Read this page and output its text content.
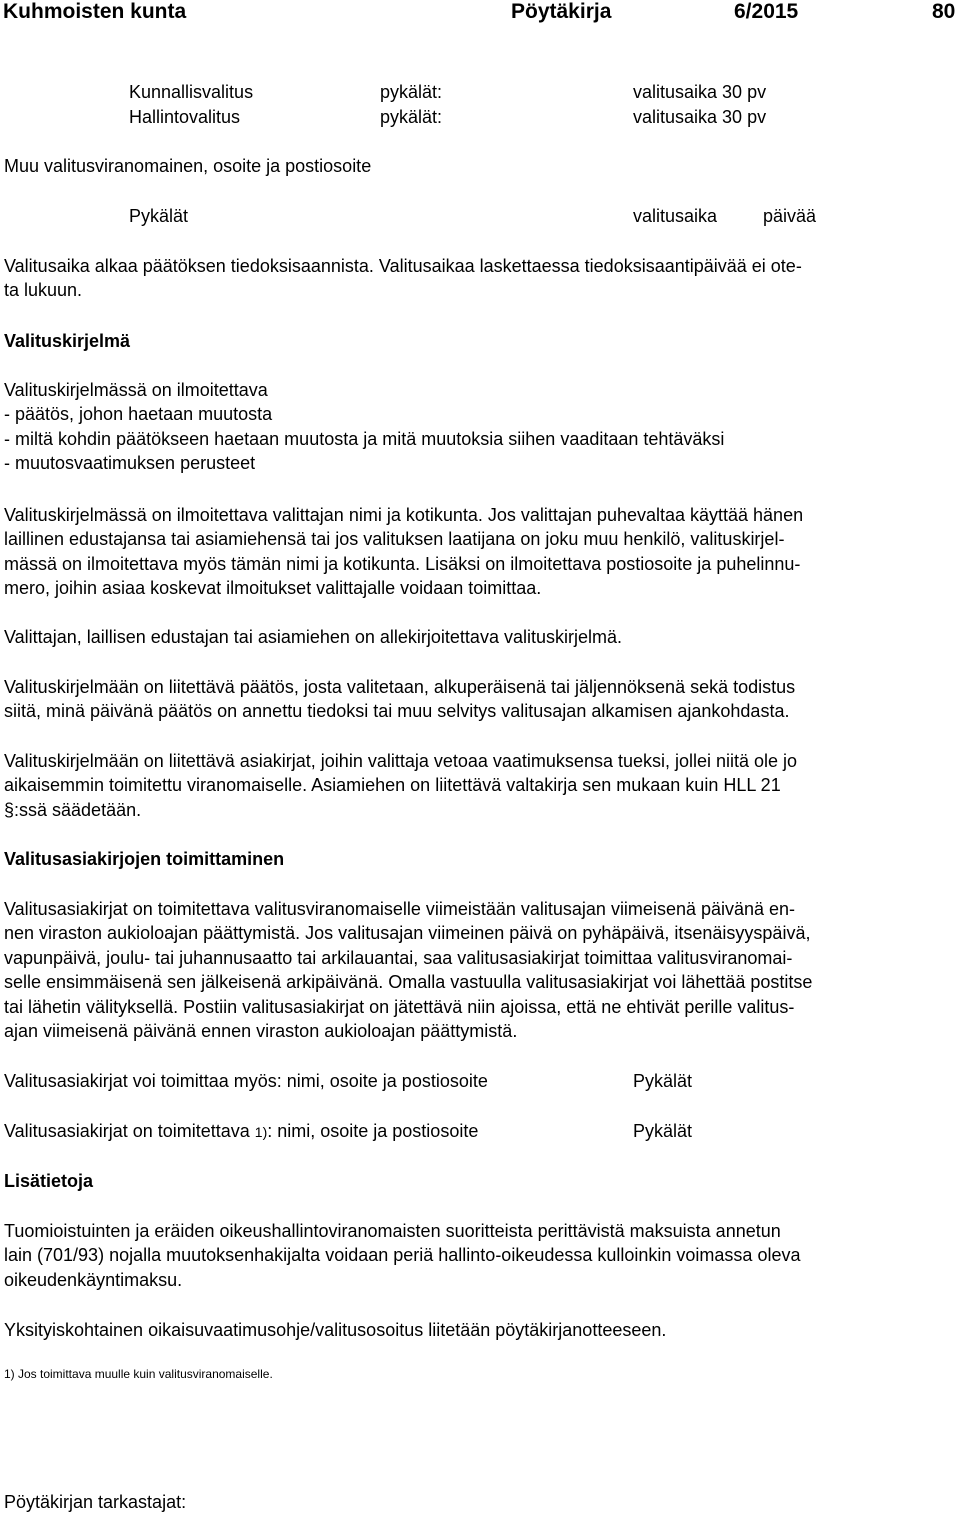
Kuhmoisten kunta	Pöytäkirja	6/2015	80
Kunnallisvalitus	pykälät:	valitusaika 30 pv
Hallintovalitus	pykälät:	valitusaika 30 pv
Muu valitusviranomainen, osoite ja postiosoite
Pykälät	valitusaika	päivää
Valitusaika alkaa päätöksen tiedoksisaannista. Valitusaikaa laskettaessa tiedoksisaantipäivää ei ote-
ta lukuun.
Valituskirjelmä
Valituskirjelmässä on ilmoitettava
- päätös, johon haetaan muutosta
- miltä kohdin päätökseen haetaan muutosta ja mitä muutoksia siihen vaaditaan tehtäväksi
- muutosvaatimuksen perusteet
Valituskirjelmässä on ilmoitettava valittajan nimi ja kotikunta. Jos valittajan puhevaltaa käyttää hänen
laillinen edustajansa tai asiamiehensä tai jos valituksen laatijana on joku muu henkilö, valituskirjel-
mässä on ilmoitettava myös tämän nimi ja kotikunta. Lisäksi on ilmoitettava postiosoite ja puhelinnu-
mero, joihin asiaa koskevat ilmoitukset valittajalle voidaan toimittaa.
Valittajan, laillisen edustajan tai asiamiehen on allekirjoitettava valituskirjelmä.
Valituskirjelmään on liitettävä päätös, josta valitetaan, alkuperäisenä tai jäljennöksenä sekä todistus
siitä, minä päivänä päätös on annettu tiedoksi tai muu selvitys valitusajan alkamisen ajankohdasta.
Valituskirjelmään on liitettävä asiakirjat, joihin valittaja vetoaa vaatimuksensa tueksi, jollei niitä ole jo
aikaisemmin toimitettu viranomaiselle. Asiamiehen on liitettävä valtakirja sen mukaan kuin HLL 21
§:ssä säädetään.
Valitusasiakirjojen toimittaminen
Valitusasiakirjat on toimitettava valitusviranomaiselle viimeistään valitusajan viimeisenä päivänä en-
nen viraston aukioloajan päättymistä. Jos valitusajan viimeinen päivä on pyhäpäivä, itsenäisyyspäivä,
vapunpäivä, joulu- tai juhannusaatto tai arkilauantai, saa valitusasiakirjat toimittaa valitusviranomai-
selle ensimmäisenä sen jälkeisenä arkipäivänä. Omalla vastuulla valitusasiakirjat voi lähettää postitse
tai lähetin välityksellä. Postiin valitusasiakirjat on jätettävä niin ajoissa, että ne ehtivät perille valitus-
ajan viimeisenä päivänä ennen viraston aukioloajan päättymistä.
Valitusasiakirjat voi toimittaa myös: nimi, osoite ja postiosoite	Pykälät
Valitusasiakirjat on toimitettava 1): nimi, osoite ja postiosoite	Pykälät
Lisätietoja
Tuomioistuinten ja eräiden oikeushallintoviranomaisten suoritteista perittävistä maksuista annetun
lain (701/93) nojalla muutoksenhakijalta voidaan periä hallinto-oikeudessa kulloinkin voimassa oleva
oikeudenkäyntimaksu.
Yksityiskohtainen oikaisuvaatimusohje/valitusosoitus liitetään pöytäkirjanotteeseen.
1) Jos toimittava muulle kuin valitusviranomaiselle.
Pöytäkirjan tarkastajat:
